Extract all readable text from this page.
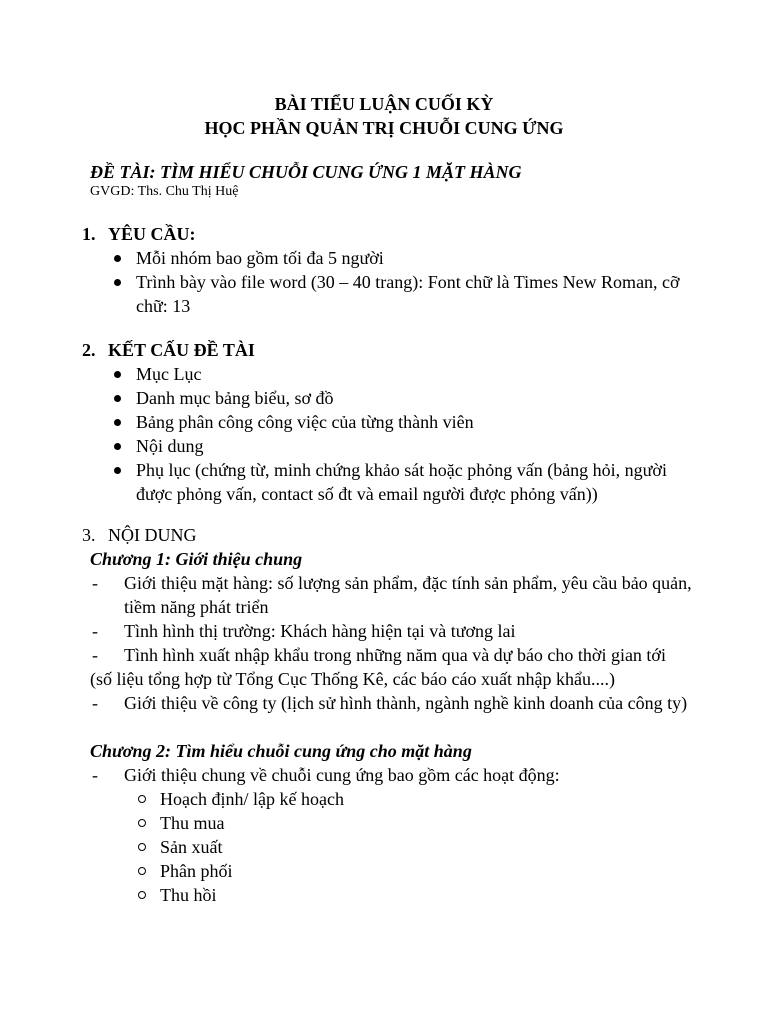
BÀI TIỂU LUẬN CUỐI KỲ
HỌC PHẦN QUẢN TRỊ CHUỖI CUNG ỨNG
ĐỀ TÀI: TÌM HIỂU CHUỖI CUNG ỨNG 1 MẶT HÀNG
GVGD: Ths. Chu Thị Huệ
1. YÊU CẦU:
Mỗi nhóm bao gồm tối đa 5 người
Trình bày vào file word (30 – 40 trang): Font chữ là Times New Roman, cỡ chữ: 13
2. KẾT CẤU ĐỀ TÀI
Mục Lục
Danh mục bảng biểu, sơ đồ
Bảng phân công công việc của từng thành viên
Nội dung
Phụ lục (chứng từ, minh chứng khảo sát hoặc phỏng vấn (bảng hỏi, người được phỏng vấn, contact số đt và email người được phỏng vấn))
3. NỘI DUNG
Chương 1: Giới thiệu chung
- Giới thiệu mặt hàng: số lượng sản phẩm, đặc tính sản phẩm, yêu cầu bảo quản, tiềm năng phát triển
- Tình hình thị trường: Khách hàng hiện tại và tương lai
- Tình hình xuất nhập khẩu trong những năm qua và dự báo cho thời gian tới
(số liệu tổng hợp từ Tổng Cục Thống Kê, các báo cáo xuất nhập khẩu....)
- Giới thiệu về công ty (lịch sử hình thành, ngành nghề kinh doanh của công ty)
Chương 2: Tìm hiểu chuỗi cung ứng cho mặt hàng
- Giới thiệu chung về chuỗi cung ứng bao gồm các hoạt động:
Hoạch định/ lập kế hoạch
Thu mua
Sản xuất
Phân phối
Thu hồi
